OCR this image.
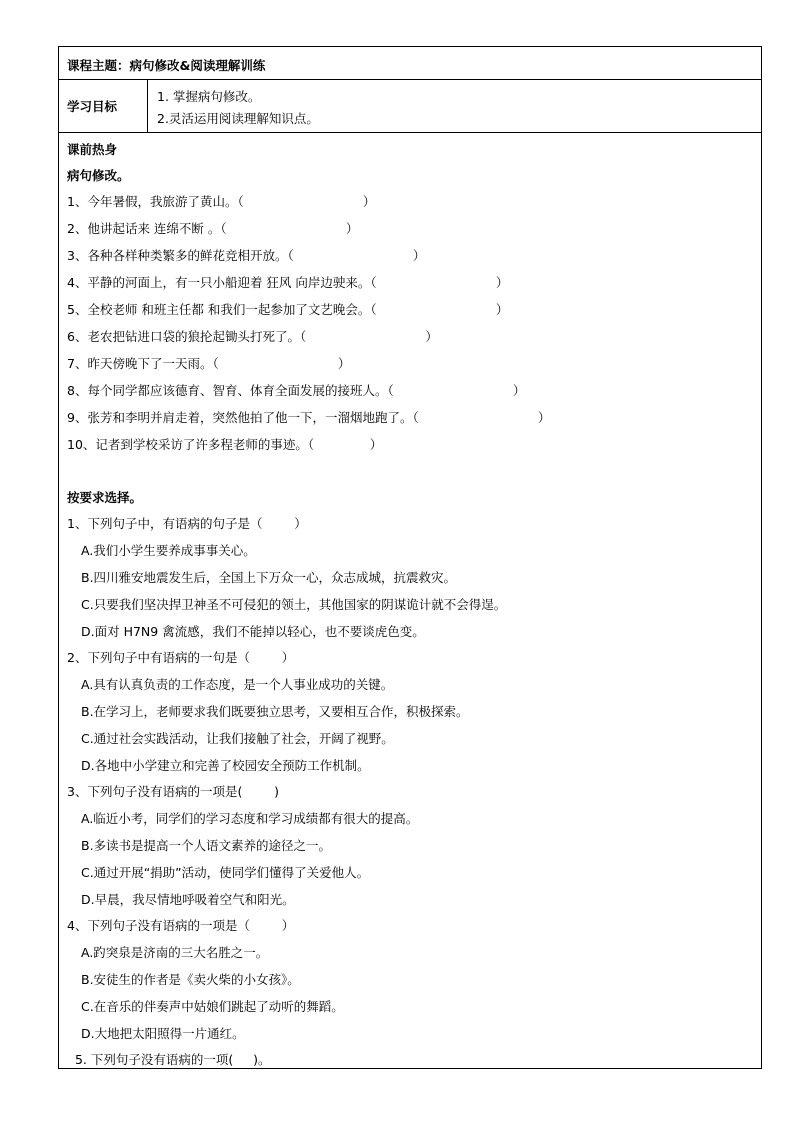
课程主题：病句修改&阅读理解训练
学习目标
1. 掌握病句修改。
2.灵活运用阅读理解知识点。
课前热身
病句修改。
1、今年暑假，我旅游了黄山。（                              ）
2、他讲起话来 连绵不断 。（                              ）
3、各种各样种类繁多的鲜花竞相开放。（                              ）
4、平静的河面上，有一只小船迎着 狂风 向岸边驶来。（                              ）
5、全校老师 和班主任都 和我们一起参加了文艺晚会。（                              ）
6、老农把钻进口袋的狼抡起锄头打死了。（                              ）
7、昨天傍晚下了一天雨。（                              ）
8、每个同学都应该德育、智育、体育全面发展的接班人。（                              ）
9、张芳和李明并肩走着，突然他拍了他一下，一溜烟地跑了。（                              ）
10、记者到学校采访了许多程老师的事迹。（              ）
按要求选择。
1、下列句子中，有语病的句子是（        ）
A.我们小学生要养成事事关心。
B.四川雅安地震发生后，全国上下万众一心，众志成城，抗震救灾。
C.只要我们坚决捍卫神圣不可侵犯的领土，其他国家的阴谋诡计就不会得逞。
D.面对 H7N9 禽流感，我们不能掉以轻心，也不要谈虎色变。
2、下列句子中有语病的一句是（        ）
A.具有认真负责的工作态度，是一个人事业成功的关键。
B.在学习上，老师要求我们既要独立思考，又要相互合作，积极探索。
C.通过社会实践活动，让我们接触了社会，开阔了视野。
D.各地中小学建立和完善了校园安全预防工作机制。
3、下列句子没有语病的一项是(        )
A.临近小考，同学们的学习态度和学习成绩都有很大的提高。
B.多读书是提高一个人语文素养的途径之一。
C.通过开展“捐助”活动，使同学们懂得了关爱他人。
D.早晨，我尽情地呼吸着空气和阳光。
4、下列句子没有语病的一项是（        ）
A.趵突泉是济南的三大名胜之一。
B.安徒生的作者是《卖火柴的小女孩》。
C.在音乐的伴奏声中姑娘们跳起了动听的舞蹈。
D.大地把太阳照得一片通红。
5. 下列句子没有语病的一项(     )。
